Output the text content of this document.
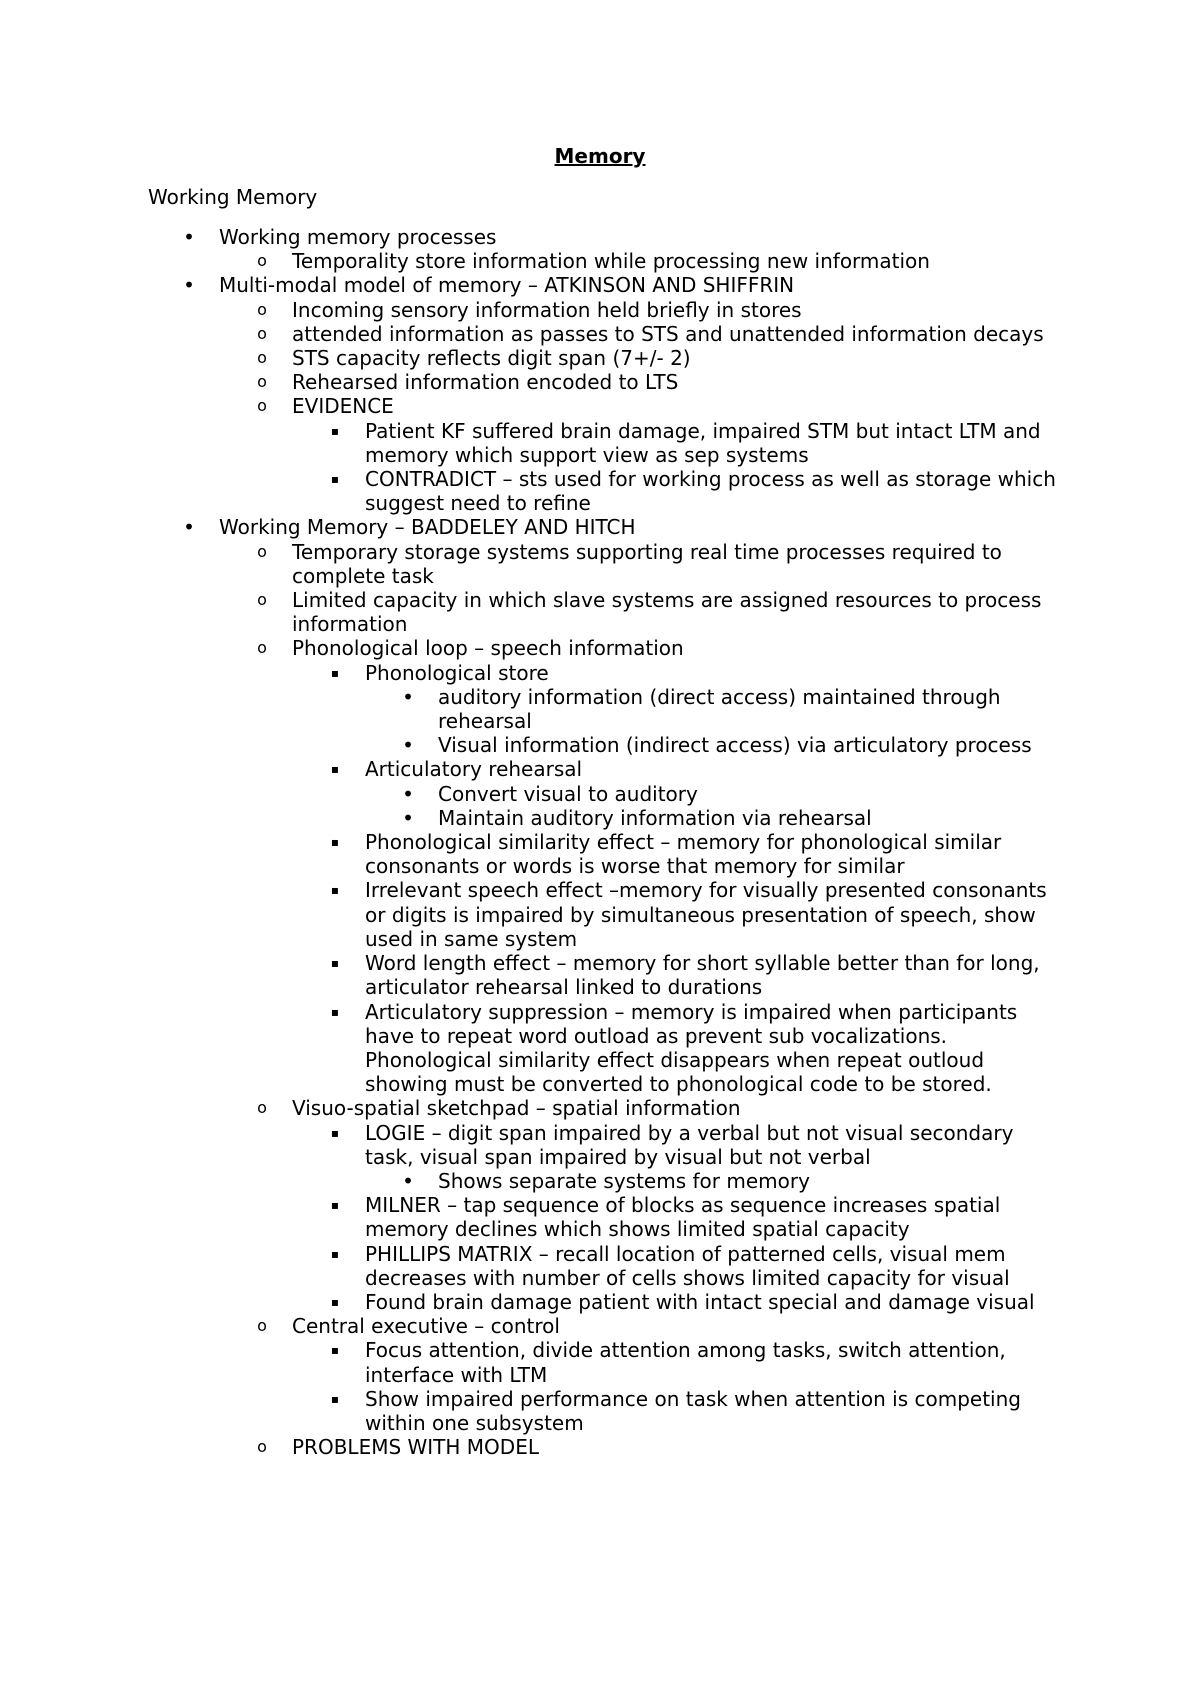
Memory
Working Memory
• Working memory processes
o Temporality store information while processing new information
• Multi-modal model of memory – ATKINSON AND SHIFFRIN
o Incoming sensory information held briefly in stores
o attended information as passes to STS and unattended information decays
o STS capacity reflects digit span (7+/- 2)
o Rehearsed information encoded to LTS
o EVIDENCE
▪ Patient KF suffered brain damage, impaired STM but intact LTM and memory which support view as sep systems
▪ CONTRADICT – sts used for working process as well as storage which suggest need to refine
• Working Memory – BADDELEY AND HITCH
o Temporary storage systems supporting real time processes required to complete task
o Limited capacity in which slave systems are assigned resources to process information
o Phonological loop – speech information
▪ Phonological store
• auditory information (direct access) maintained through rehearsal
• Visual information (indirect access) via articulatory process
▪ Articulatory rehearsal
• Convert visual to auditory
• Maintain auditory information via rehearsal
▪ Phonological similarity effect – memory for phonological similar consonants or words is worse that memory for similar
▪ Irrelevant speech effect –memory for visually presented consonants or digits is impaired by simultaneous presentation of speech, show used in same system
▪ Word length effect – memory for short syllable better than for long, articulator rehearsal linked to durations
▪ Articulatory suppression – memory is impaired when participants have to repeat word outload as prevent sub vocalizations. Phonological similarity effect disappears when repeat outloud showing must be converted to phonological code to be stored.
o Visuo-spatial sketchpad – spatial information
▪ LOGIE – digit span impaired by a verbal but not visual secondary task, visual span impaired by visual but not verbal
• Shows separate systems for memory
▪ MILNER – tap sequence of blocks as sequence increases spatial memory declines which shows limited spatial capacity
▪ PHILLIPS MATRIX – recall location of patterned cells, visual mem decreases with number of cells shows limited capacity for visual
▪ Found brain damage patient with intact special and damage visual
o Central executive – control
▪ Focus attention, divide attention among tasks, switch attention, interface with LTM
▪ Show impaired performance on task when attention is competing within one subsystem
o PROBLEMS WITH MODEL
